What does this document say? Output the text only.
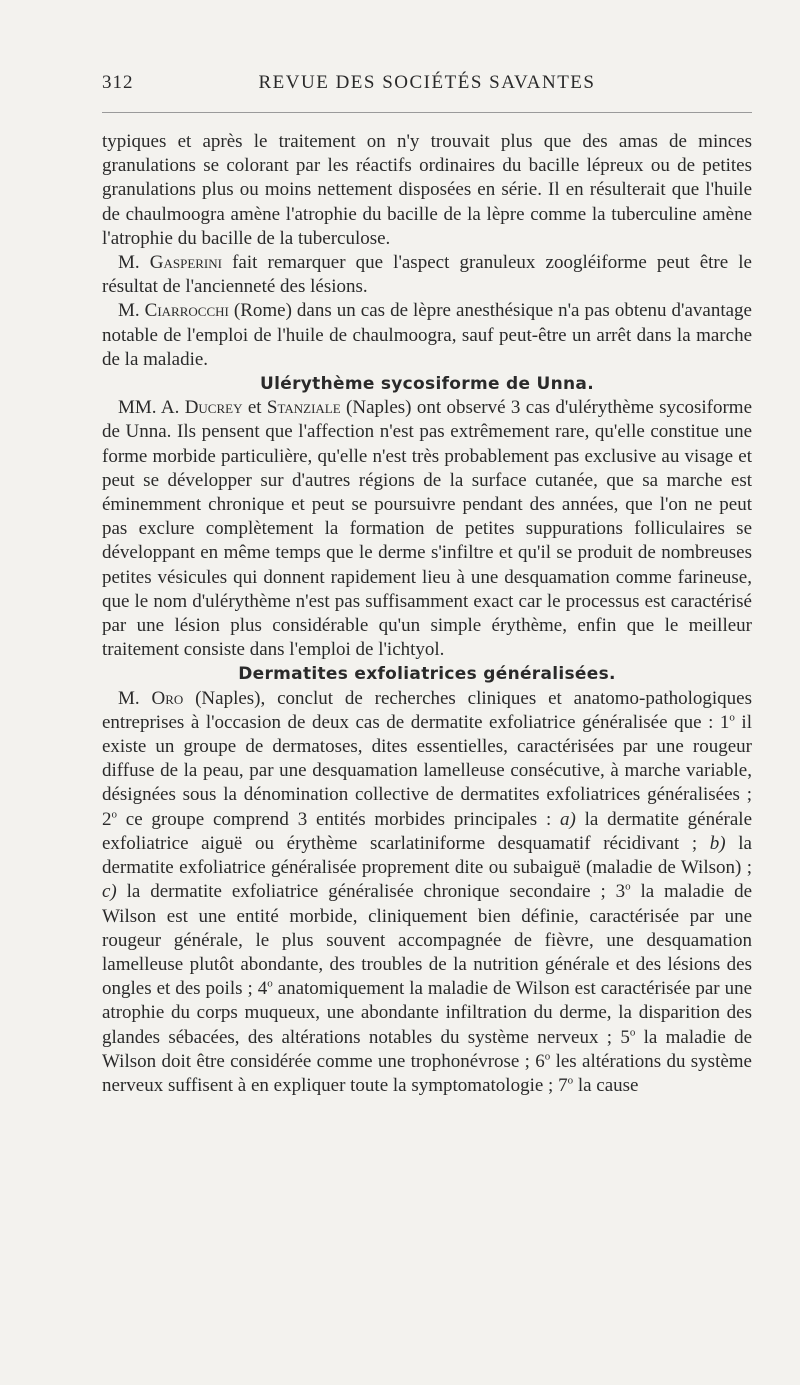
312	REVUE DES SOCIÉTÉS SAVANTES

typiques et après le traitement on n'y trouvait plus que des amas de minces granulations se colorant par les réactifs ordinaires du bacille lépreux ou de petites granulations plus ou moins nettement disposées en série. Il en résulterait que l'huile de chaulmoogra amène l'atrophie du bacille de la lèpre comme la tuberculine amène l'atrophie du bacille de la tuberculose.

M. Gasperini fait remarquer que l'aspect granuleux zoogléiforme peut être le résultat de l'ancienneté des lésions.

M. Ciarrocchi (Rome) dans un cas de lèpre anesthésique n'a pas obtenu d'avantage notable de l'emploi de l'huile de chaulmoogra, sauf peut-être un arrêt dans la marche de la maladie.

Ulérythème sycosiforme de Unna.

MM. A. Ducrey et Stanziale (Naples) ont observé 3 cas d'ulérythème sycosiforme de Unna. Ils pensent que l'affection n'est pas extrêmement rare, qu'elle constitue une forme morbide particulière, qu'elle n'est très probablement pas exclusive au visage et peut se développer sur d'autres régions de la surface cutanée, que sa marche est éminemment chronique et peut se poursuivre pendant des années, que l'on ne peut pas exclure complètement la formation de petites suppurations folliculaires se développant en même temps que le derme s'infiltre et qu'il se produit de nombreuses petites vésicules qui donnent rapidement lieu à une desquamation comme farineuse, que le nom d'ulérythème n'est pas suffisamment exact car le processus est caractérisé par une lésion plus considérable qu'un simple érythème, enfin que le meilleur traitement consiste dans l'emploi de l'ichtyol.

Dermatites exfoliatrices généralisées.

M. Oro (Naples), conclut de recherches cliniques et anatomo-pathologiques entreprises à l'occasion de deux cas de dermatite exfoliatrice généralisée que : 1$^o$ il existe un groupe de dermatoses, dites essentielles, caractérisées par une rougeur diffuse de la peau, par une desquamation lamelleuse consécutive, à marche variable, désignées sous la dénomination collective de dermatites exfoliatrices généralisées ; 2$^o$ ce groupe comprend 3 entités morbides principales : a) la dermatite générale exfoliatrice aiguë ou érythème scarlatiniforme desquamatif récidivant ; b) la dermatite exfoliatrice généralisée proprement dite ou subaiguë (maladie de Wilson) ; c) la dermatite exfoliatrice généralisée chronique secondaire ; 3$^o$ la maladie de Wilson est une entité morbide, cliniquement bien définie, caractérisée par une rougeur générale, le plus souvent accompagnée de fièvre, une desquamation lamelleuse plutôt abondante, des troubles de la nutrition générale et des lésions des ongles et des poils ; 4$^o$ anatomiquement la maladie de Wilson est caractérisée par une atrophie du corps muqueux, une abondante infiltration du derme, la disparition des glandes sébacées, des altérations notables du système nerveux ; 5$^o$ la maladie de Wilson doit être considérée comme une trophonévrose ; 6$^o$ les altérations du système nerveux suffisent à en expliquer toute la symptomatologie ; 7$^o$ la cause
